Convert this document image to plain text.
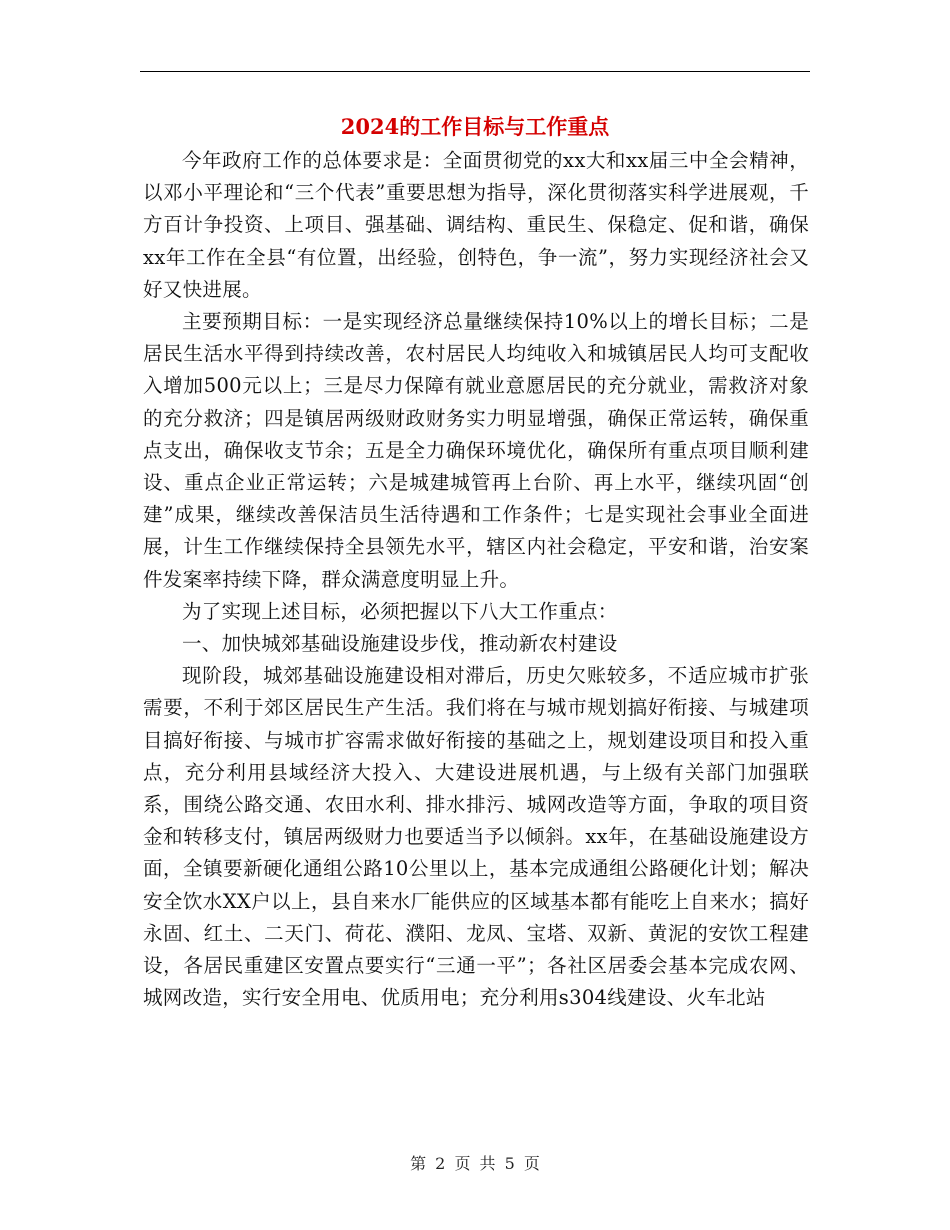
2024的工作目标与工作重点

今年政府工作的总体要求是：全面贯彻党的xx大和xx届三中全会精神，以邓小平理论和“三个代表”重要思想为指导，深化贯彻落实科学进展观，千方百计争投资、上项目、强基础、调结构、重民生、保稳定、促和谐，确保xx年工作在全县“有位置，出经验，创特色，争一流”，努力实现经济社会又好又快进展。

主要预期目标：一是实现经济总量继续保持10%以上的增长目标；二是居民生活水平得到持续改善，农村居民人均纯收入和城镇居民人均可支配收入增加500元以上；三是尽力保障有就业意愿居民的充分就业，需救济对象的充分救济；四是镇居两级财政财务实力明显增强，确保正常运转，确保重点支出，确保收支节余；五是全力确保环境优化，确保所有重点项目顺利建设、重点企业正常运转；六是城建城管再上台阶、再上水平，继续巩固“创建”成果，继续改善保洁员生活待遇和工作条件；七是实现社会事业全面进展，计生工作继续保持全县领先水平，辖区内社会稳定，平安和谐，治安案件发案率持续下降，群众满意度明显上升。

为了实现上述目标，必须把握以下八大工作重点：

一、加快城郊基础设施建设步伐，推动新农村建设

现阶段，城郊基础设施建设相对滞后，历史欠账较多，不适应城市扩张需要，不利于郊区居民生产生活。我们将在与城市规划搞好衔接、与城建项目搞好衔接、与城市扩容需求做好衔接的基础之上，规划建设项目和投入重点，充分利用县域经济大投入、大建设进展机遇，与上级有关部门加强联系，围绕公路交通、农田水利、排水排污、城网改造等方面，争取的项目资金和转移支付，镇居两级财力也要适当予以倾斜。xx年，在基础设施建设方面，全镇要新硬化通组公路10公里以上，基本完成通组公路硬化计划；解决安全饮水XX户以上，县自来水厂能供应的区域基本都有能吃上自来水；搞好永固、红土、二天门、荷花、濮阳、龙凤、宝塔、双新、黄泥的安饮工程建设，各居民重建区安置点要实行“三通一平”；各社区居委会基本完成农网、城网改造，实行安全用电、优质用电；充分利用s304线建设、火车北站

第 2 页 共 5 页
